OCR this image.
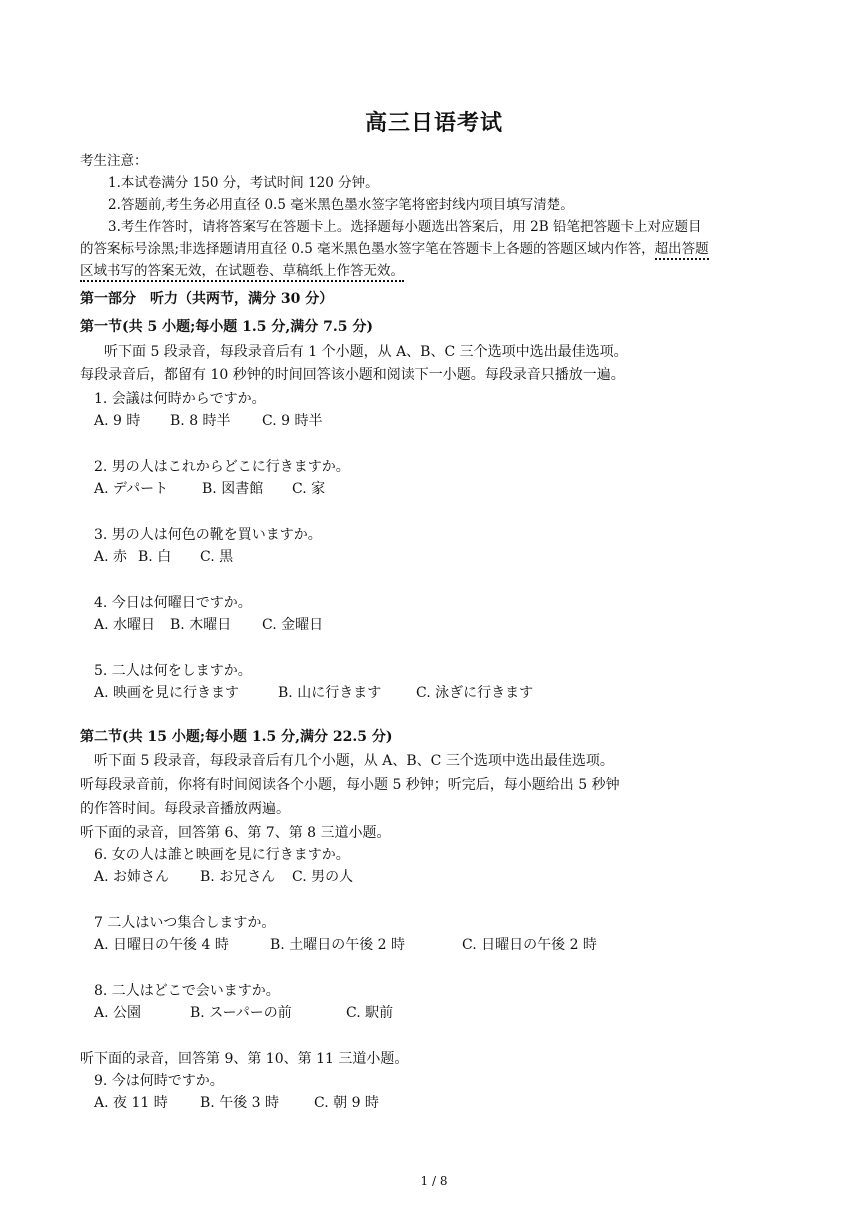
高三日语考试
考生注意：
1.本试卷满分 150 分，考试时间 120 分钟。
2.答题前,考生务必用直径 0.5 毫米黑色墨水签字笔将密封线内项目填写清楚。
3.考生作答时，请将答案写在答题卡上。选择题每小题选出答案后，用 2B 铅笔把答题卡上对应题目
的答案标号涂黑;非选择题请用直径 0.5 毫米黑色墨水签字笔在答题卡上各题的答题区域内作答，超出答题
区域书写的答案无效，在试题卷、草稿纸上作答无效。
第一部分　听力（共两节，满分 30 分）
第一节(共 5 小题;每小题 1.5 分,满分 7.5 分)
听下面 5 段录音，每段录音后有 1 个小题，从 A、B、C 三个选项中选出最佳选项。
每段录音后，都留有 10 秒钟的时间回答该小题和阅读下一小题。每段录音只播放一遍。
1. 会議は何時からですか。
A. 9 時 B. 8 時半 C. 9 時半
2. 男の人はこれからどこに行きますか。
A. デパート B. 図書館 C. 家
3. 男の人は何色の靴を買いますか。
A. 赤 B. 白 C. 黒
4. 今日は何曜日ですか。
A. 水曜日 B. 木曜日 C. 金曜日
5. 二人は何をしますか。
A. 映画を見に行きます	B. 山に行きます C. 泳ぎに行きます
第二节(共 15 小题;每小题 1.5 分,满分 22.5 分)
听下面 5 段录音，每段录音后有几个小题，从 A、B、C 三个选项中选出最佳选项。
听每段录音前，你将有时间阅读各个小题，每小题 5 秒钟；听完后，每小题给出 5 秒钟
的作答时间。每段录音播放两遍。
听下面的录音，回答第 6、第 7、第 8 三道小题。
6. 女の人は誰と映画を見に行きますか。
A. お姉さん B. お兄さん C. 男の人
7 二人はいつ集合しますか。
A. 日曜日の午後 4 時	B. 土曜日の午後 2 時	C. 日曜日の午後 2 時
8. 二人はどこで会いますか。
A. 公園	B. スーパーの前	C. 駅前
听下面的录音，回答第 9、第 10、第 11 三道小题。
9. 今は何時ですか。
A. 夜 11 時 B. 午後 3 時	C. 朝 9 時
1 / 8
